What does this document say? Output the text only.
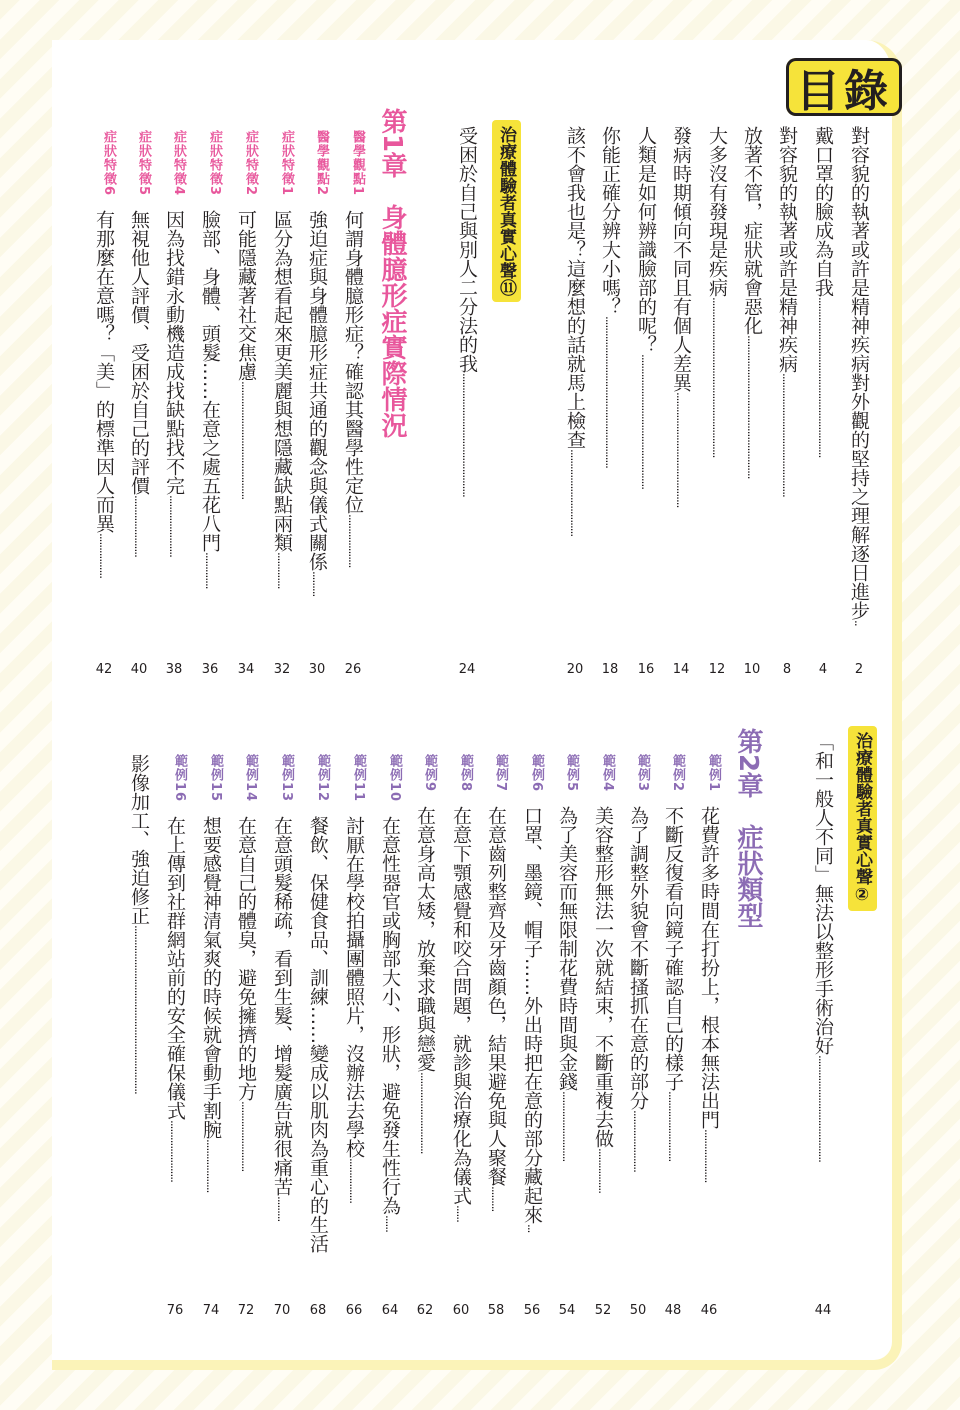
目錄
對容貌的執著或許是精神疾病對外觀的堅持之理解逐日進步
..
2
戴口罩的臉成為自我
.........................................................
4
對容貌的執著或許是精神疾病
............................................
8
放著不管，症狀就會惡化
...................................................
10
大多沒有發現是疾病
.........................................................
12
發病時期傾向不同且有個人差異
.........................................
14
人類是如何辨識臉部的呢？
................................................
16
你能正確分辨大小嗎？
......................................................
18
該不會我也是？這麼想的話就馬上檢查
...............................
20
治療體驗者真實心聲⑪
受困於自己與別人二分法的我
............................................
24
第1章　身體臆形症實際情況
醫學觀點1
何謂身體臆形症？確認其醫學性定位
...................
26
醫學觀點2
強迫症與身體臆形症共通的觀念與儀式關係
.........
30
症狀特徵1
區分為想看起來更美麗與想隱藏缺點兩類
.............
32
症狀特徵2
可能隱藏著社交焦慮
..........................................
34
症狀特徵3
臉部、身體、頭髮……在意之處五花八門
.............
36
症狀特徵4
因為找錯永動機造成找缺點找不完
......................
38
症狀特徵5
無視他人評價、受困於自己的評價
......................
40
症狀特徵6
有那麼在意嗎？「美」的標準因人而異
................
42
治療體驗者真實心聲②
「和一般人不同」無法以整形手術治好
......................................
44
第2章　症狀類型
範例1
花費許多時間在打扮上，根本無法出門
...................
46
範例2
不斷反復看向鏡子確認自己的樣子
.........................
48
範例3
為了調整外貌會不斷搔抓在意的部分
......................
50
範例4
美容整形無法一次就結束，不斷重複去做
................
52
範例5
為了美容而無限制花費時間與金錢
.........................
54
範例6
口罩、墨鏡、帽子……外出時把在意的部分藏起來
...
56
範例7
在意齒列整齊及牙齒顏色，結果避免與人聚餐
.........
58
範例8
在意下顎感覺和咬合問題，就診與治療化為儀式
......
60
範例9
在意身高太矮，放棄求職與戀愛
.............................
62
範例10
在意性器官或胸部大小、形狀，避免發生性行為
......
64
範例11
討厭在學校拍攝團體照片，沒辦法去學校
................
66
範例12
餐飲、保健食品、訓練……變成以肌肉為重心的生活
68
範例13
在意頭髮稀疏，看到生髮、增髮廣告就很痛苦
.........
70
範例14
在意自己的體臭，避免擁擠的地方
.........................
72
範例15
想要感覺神清氣爽的時候就會動手割腕
...................
74
範例16
在上傳到社群網站前的安全確保儀式
......................
76
影像加工、強迫修正
............................................................
